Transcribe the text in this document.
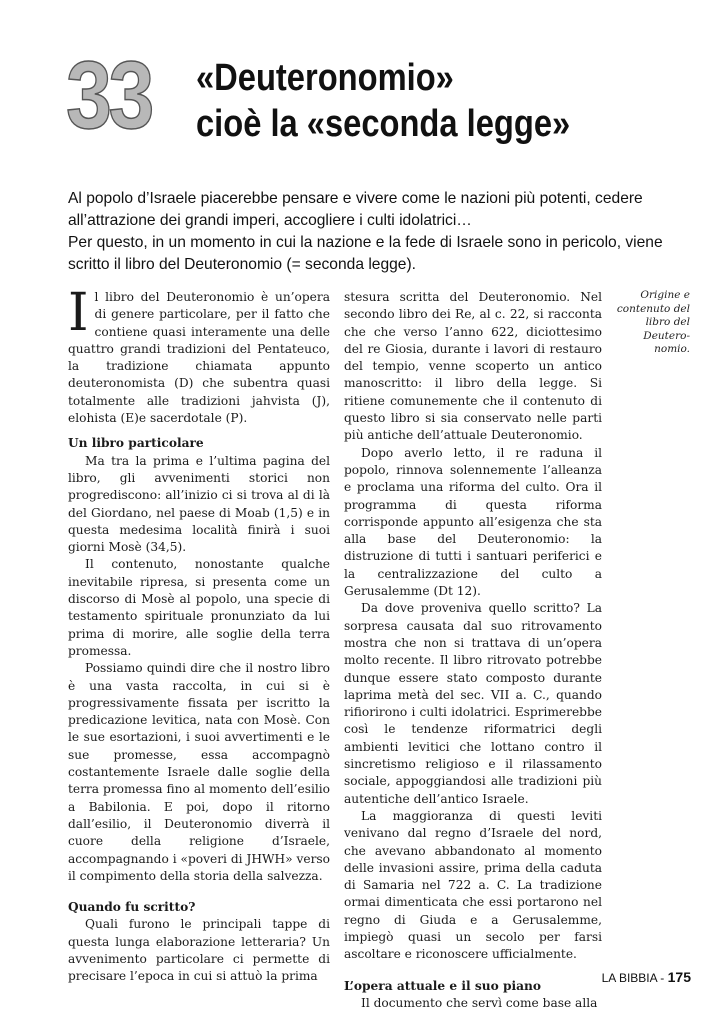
33 «Deuteronomio»
cioè la «seconda legge»

Al popolo d’Israele piacerebbe pensare e vivere come le nazioni più potenti, cedere all’attrazione dei grandi imperi, accogliere i culti idolatrici…

Per questo, in un momento in cui la nazione e la fede di Israele sono in pericolo, viene scritto il libro del Deuteronomio (= seconda legge).

Il libro del Deuteronomio è un’opera di genere particolare, per il fatto che contiene quasi interamente una delle quattro grandi tradizioni del Pentateuco, la tradizione chiamata appunto deuteronomista (D) che subentra quasi totalmente alle tradizioni jahvista (J), elohista (E)e sacerdotale (P).

Un libro particolare

Ma tra la prima e l’ultima pagina del libro, gli avvenimenti storici non progrediscono: all’inizio ci si trova al di là del Giordano, nel paese di Moab (1,5) e in questa medesima località finirà i suoi giorni Mosè (34,5).

Il contenuto, nonostante qualche inevitabile ripresa, si presenta come un discorso di Mosè al popolo, una specie di testamento spirituale pronunziato da lui prima di morire, alle soglie della terra promessa.

Possiamo quindi dire che il nostro libro è una vasta raccolta, in cui si è progressivamente fissata per iscritto la predicazione levitica, nata con Mosè. Con le sue esortazioni, i suoi avvertimenti e le sue promesse, essa accompagnò costantemente Israele dalle soglie della terra promessa fino al momento dell’esilio a Babilonia. E poi, dopo il ritorno dall’esilio, il Deuteronomio diverrà il cuore della religione d’Israele, accompagnando i «poveri di JHWH» verso il compimento della storia della salvezza.

Quando fu scritto?

Quali furono le principali tappe di questa lunga elaborazione letteraria? Un avvenimento particolare ci permette di precisare l’epoca in cui si attuò la prima

stesura scritta del Deuteronomio. Nel secondo libro dei Re, al c. 22, si racconta che che verso l’anno 622, diciottesimo del re Giosia, durante i lavori di restauro del tempio, venne scoperto un antico manoscritto: il libro della legge. Si ritiene comunemente che il contenuto di questo libro si sia conservato nelle parti più antiche dell’attuale Deuteronomio.

Dopo averlo letto, il re raduna il popolo, rinnova solennemente l’alleanza e proclama una riforma del culto. Ora il programma di questa riforma corrisponde appunto all’esigenza che sta alla base del Deuteronomio: la distruzione di tutti i santuari periferici e la centralizzazione del culto a Gerusalemme (Dt 12).

Da dove proveniva quello scritto? La sorpresa causata dal suo ritrovamento mostra che non si trattava di un’opera molto recente. Il libro ritrovato potrebbe dunque essere stato composto durante laprima metà del sec. VII a. C., quando rifiorirono i culti idolatrici. Esprimerebbe così le tendenze riformatrici degli ambienti levitici che lottano contro il sincretismo religioso e il rilassamento sociale, appoggiandosi alle tradizioni più autentiche dell’antico Israele.

La maggioranza di questi leviti venivano dal regno d’Israele del nord, che avevano abbandonato al momento delle invasioni assire, prima della caduta di Samaria nel 722 a. C. La tradizione ormai dimenticata che essi portarono nel regno di Giuda e a Gerusalemme, impiegò quasi un secolo per farsi ascoltare e riconoscere ufficialmente.

L’opera attuale e il suo piano

Il documento che servì come base alla

Origine e contenuto del libro del Deutero-nomio.
LA BIBBIA - 175
